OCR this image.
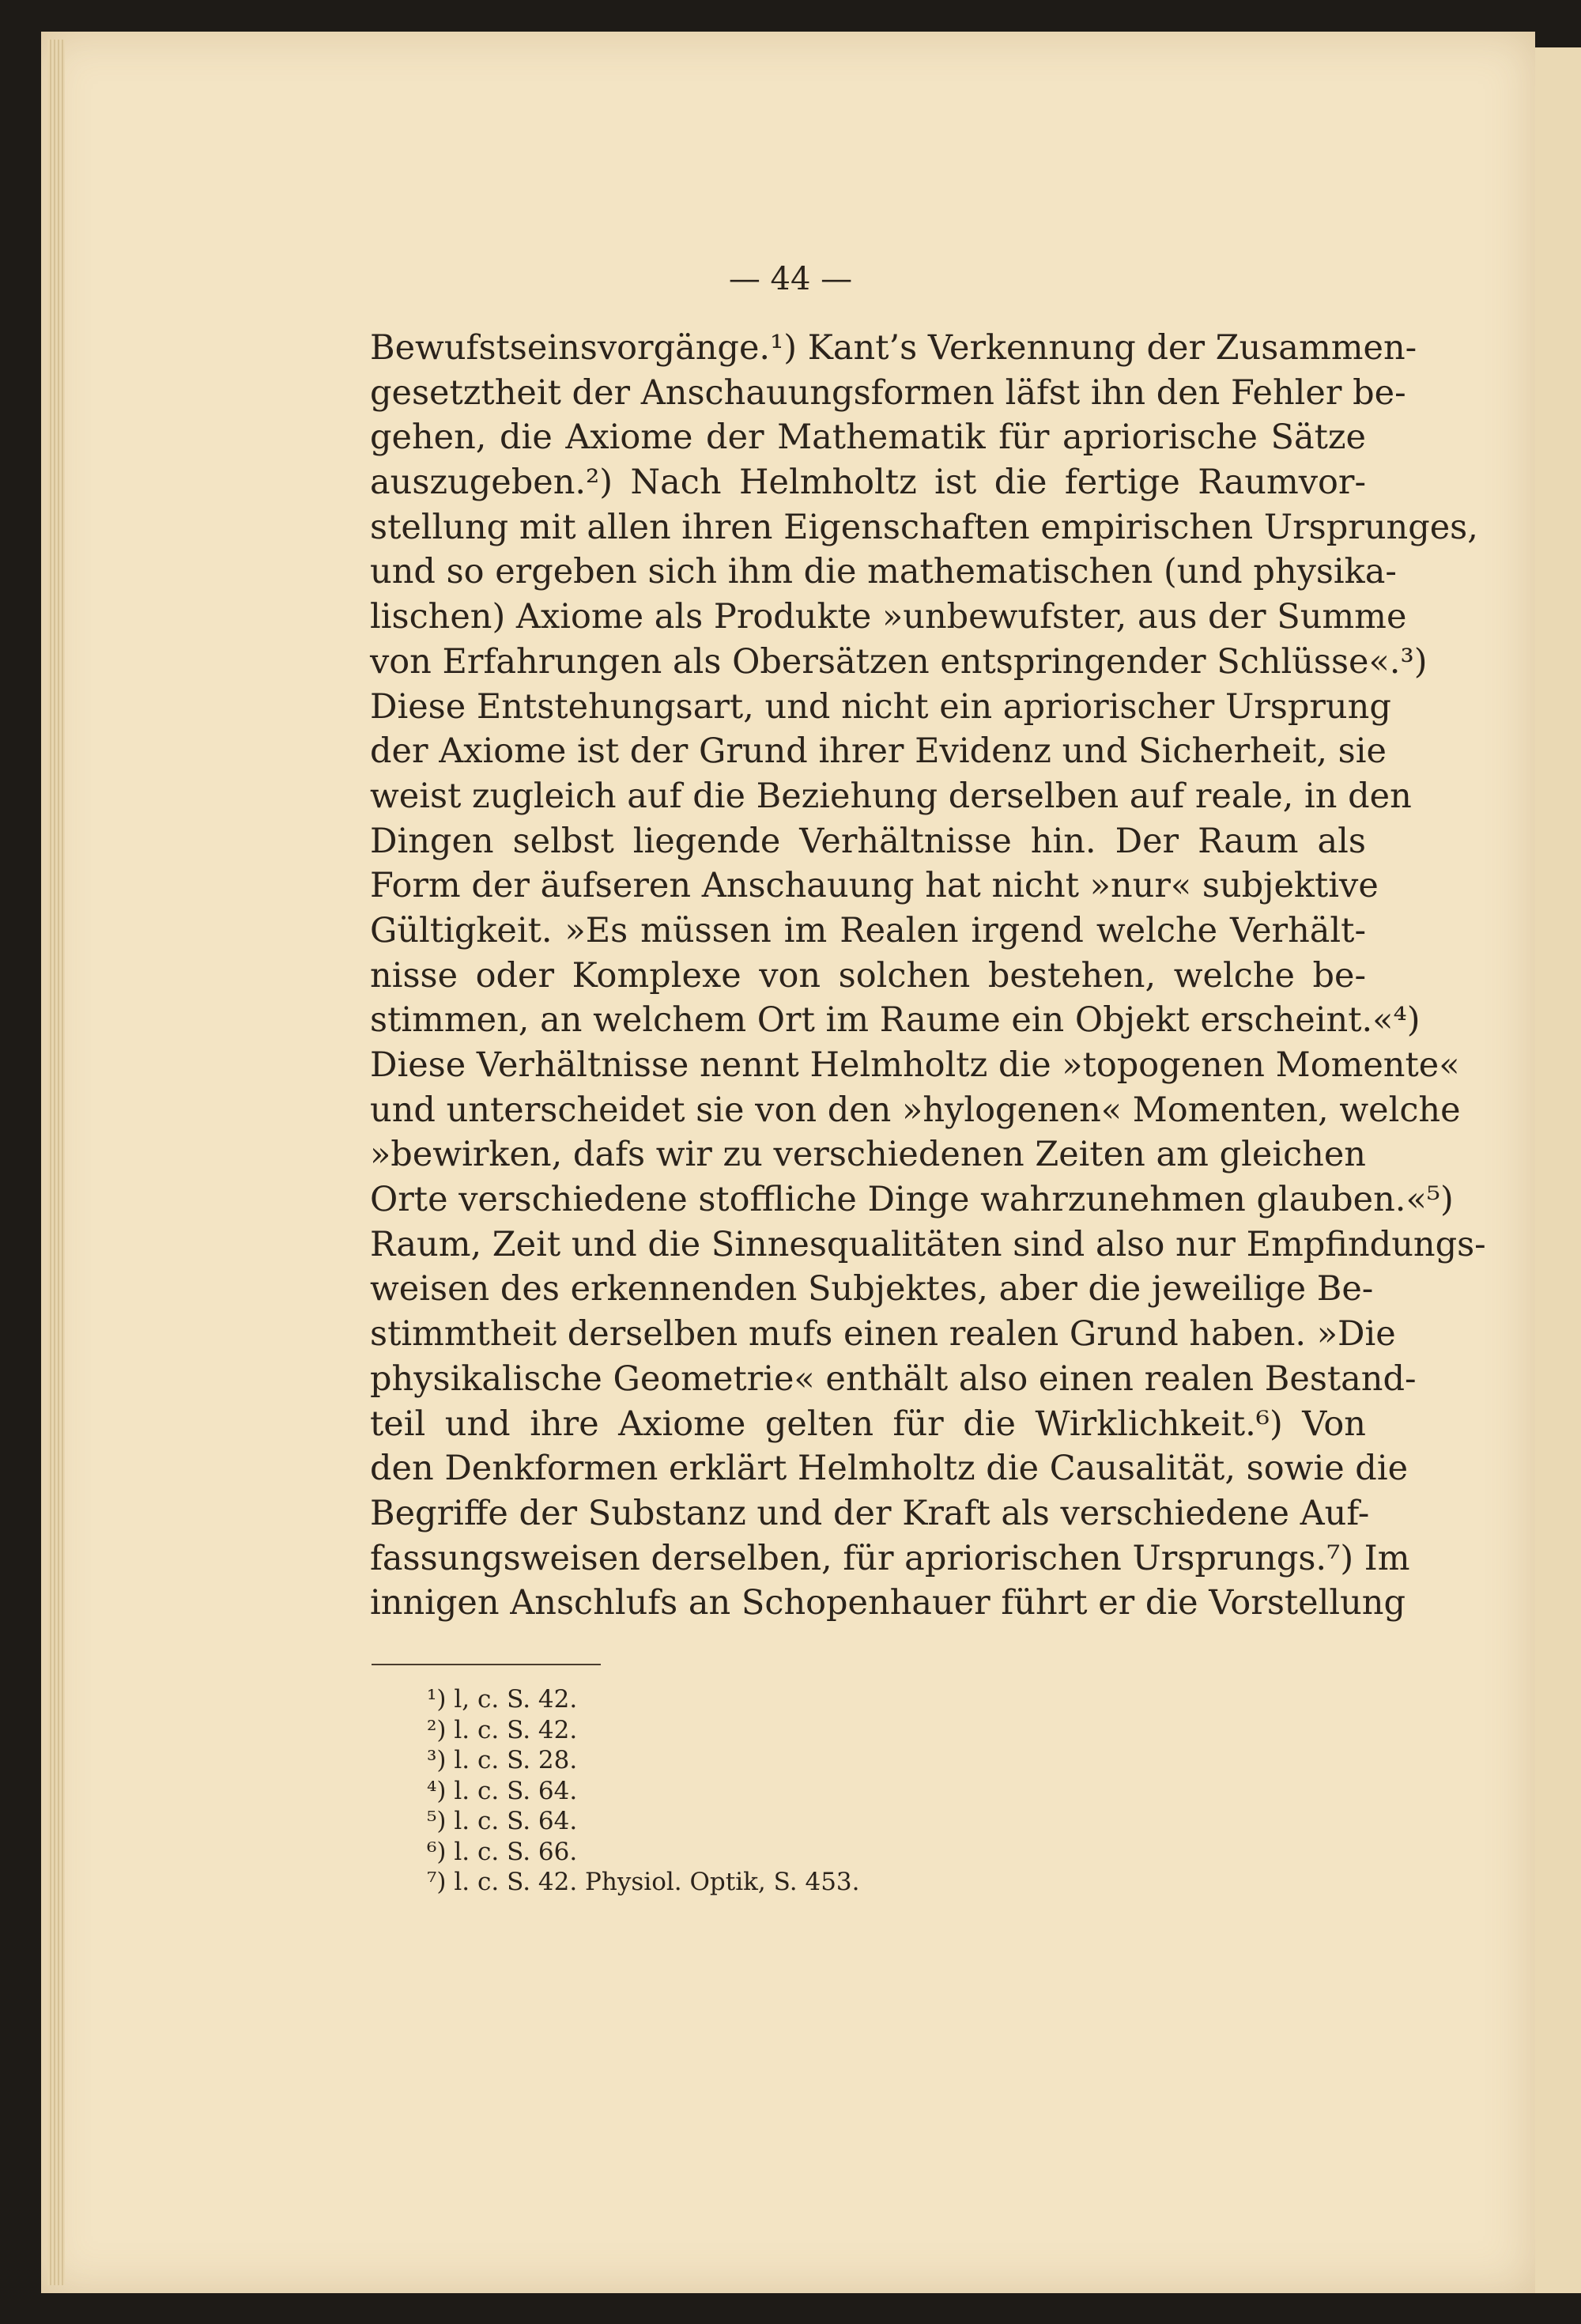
— 44 —
Bewufstseinsvorgänge.¹) Kant’s Verkennung der Zusammen-
gesetztheit der Anschauungsformen läfst ihn den Fehler be-
gehen, die Axiome der Mathematik für apriorische Sätze
auszugeben.²) Nach Helmholtz ist die fertige Raumvor-
stellung mit allen ihren Eigenschaften empirischen Ursprunges,
und so ergeben sich ihm die mathematischen (und physika-
lischen) Axiome als Produkte »unbewufster, aus der Summe
von Erfahrungen als Obersätzen entspringender Schlüsse«.³)
Diese Entstehungsart, und nicht ein apriorischer Ursprung
der Axiome ist der Grund ihrer Evidenz und Sicherheit, sie
weist zugleich auf die Beziehung derselben auf reale, in den
Dingen selbst liegende Verhältnisse hin. Der Raum als
Form der äufseren Anschauung hat nicht »nur« subjektive
Gültigkeit. »Es müssen im Realen irgend welche Verhält-
nisse oder Komplexe von solchen bestehen, welche be-
stimmen, an welchem Ort im Raume ein Objekt erscheint.«⁴)
Diese Verhältnisse nennt Helmholtz die »topogenen Momente«
und unterscheidet sie von den »hylogenen« Momenten, welche
»bewirken, dafs wir zu verschiedenen Zeiten am gleichen
Orte verschiedene stoffliche Dinge wahrzunehmen glauben.«⁵)
Raum, Zeit und die Sinnesqualitäten sind also nur Empfindungs-
weisen des erkennenden Subjektes, aber die jeweilige Be-
stimmtheit derselben mufs einen realen Grund haben. »Die
physikalische Geometrie« enthält also einen realen Bestand-
teil und ihre Axiome gelten für die Wirklichkeit.⁶) Von
den Denkformen erklärt Helmholtz die Causalität, sowie die
Begriffe der Substanz und der Kraft als verschiedene Auf-
fassungsweisen derselben, für apriorischen Ursprungs.⁷) Im
innigen Anschlufs an Schopenhauer führt er die Vorstellung
¹) l, c. S. 42.
²) l. c. S. 42.
³) l. c. S. 28.
⁴) l. c. S. 64.
⁵) l. c. S. 64.
⁶) l. c. S. 66.
⁷) l. c. S. 42. Physiol. Optik, S. 453.
